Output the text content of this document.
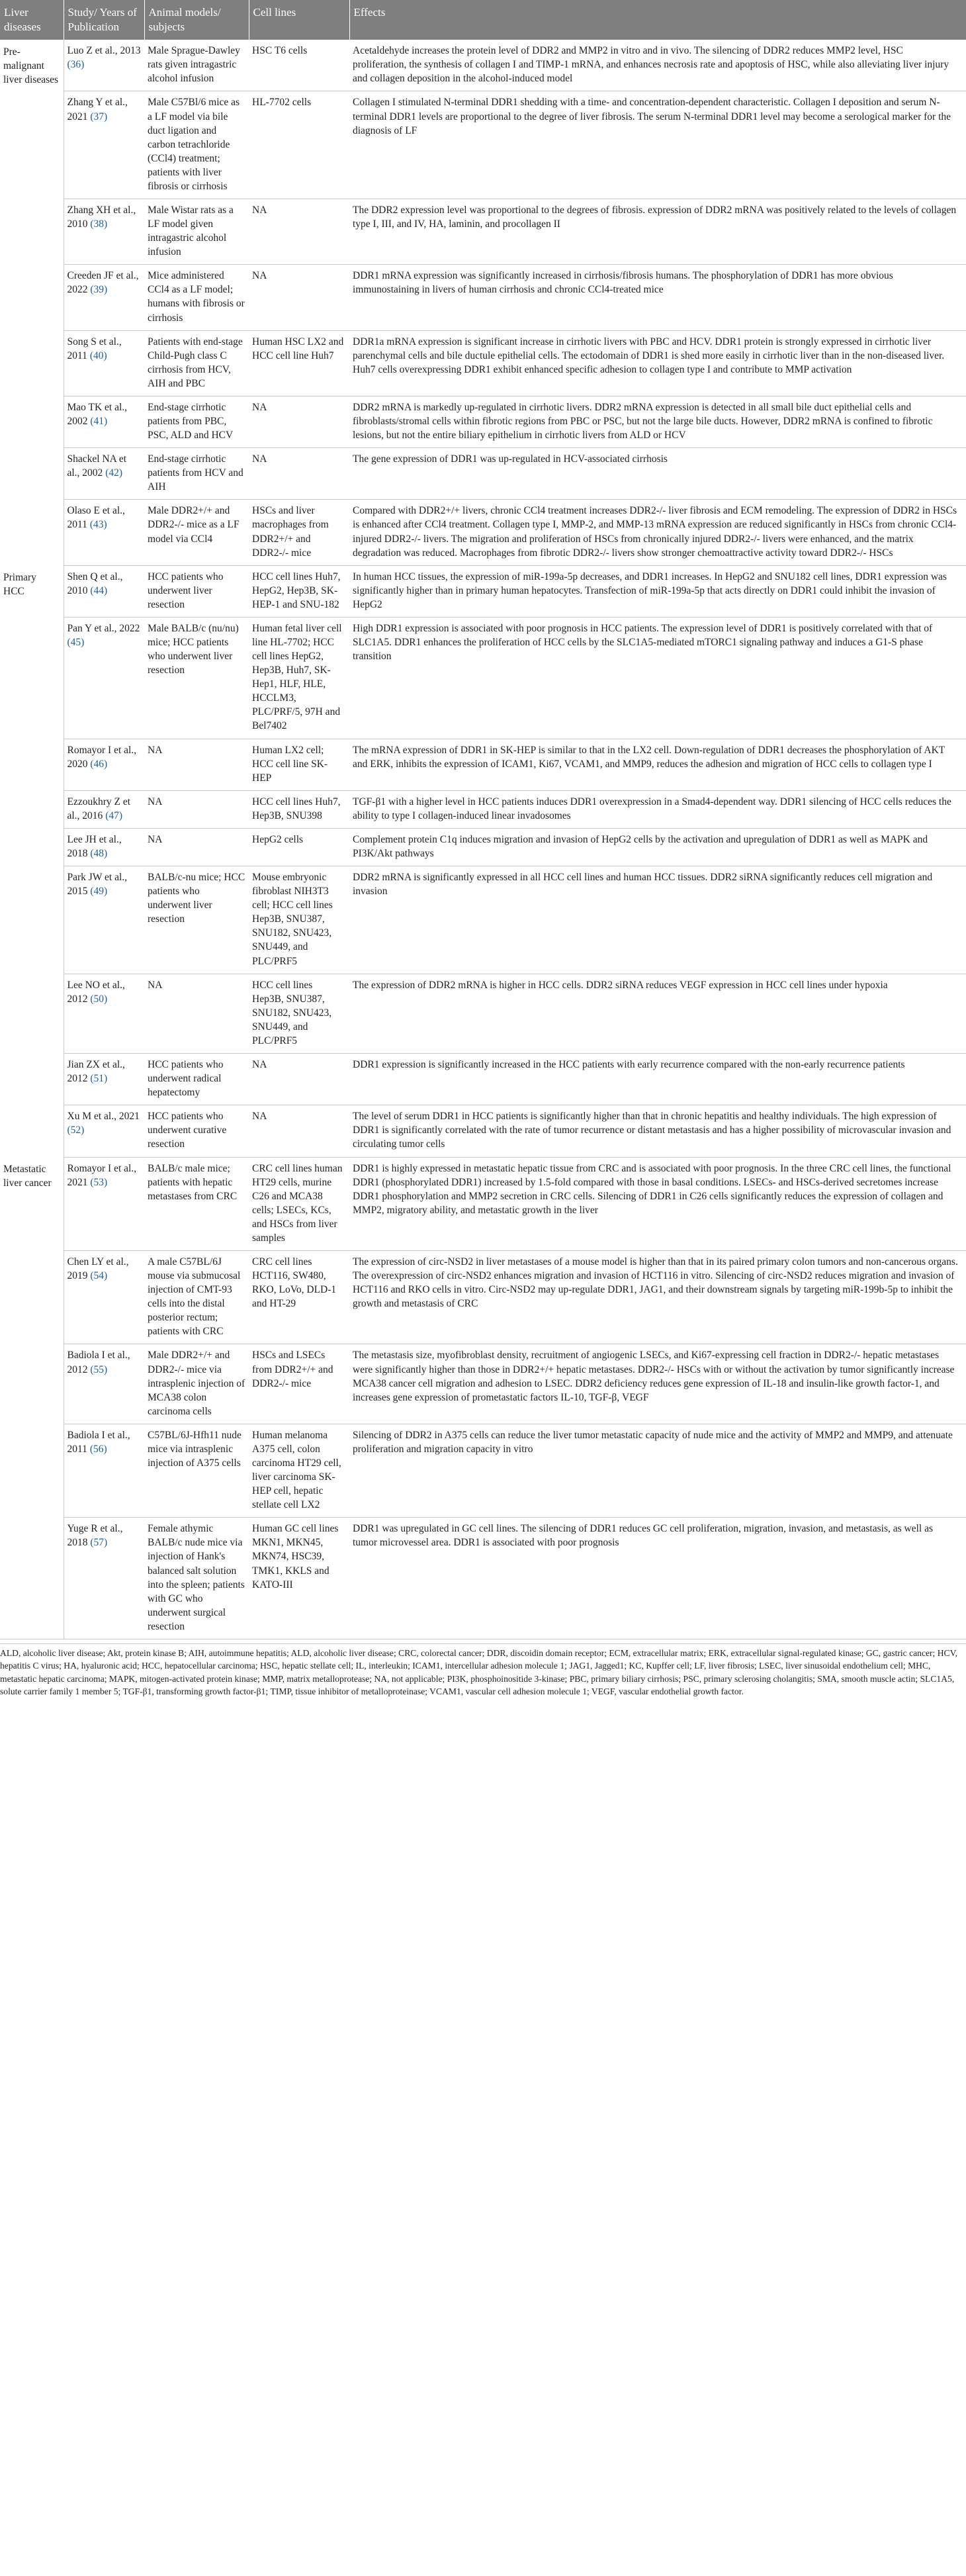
Liver diseases	Study/ Years of Publication	Animal models/ subjects	Cell lines	Effects
Pre-malignant liver diseases	Luo Z et al., 2013 (36)	Male Sprague-Dawley rats given intragastric alcohol infusion	HSC T6 cells	Acetaldehyde increases the protein level of DDR2 and MMP2 in vitro and in vivo. The silencing of DDR2 reduces MMP2 level, HSC proliferation, the synthesis of collagen I and TIMP-1 mRNA, and enhances necrosis rate and apoptosis of HSC, while also alleviating liver injury and collagen deposition in the alcohol-induced model
	Zhang Y et al., 2021 (37)	Male C57Bl/6 mice as a LF model via bile duct ligation and carbon tetrachloride (CCl4) treatment; patients with liver fibrosis or cirrhosis	HL-7702 cells	Collagen I stimulated N-terminal DDR1 shedding with a time- and concentration-dependent characteristic. Collagen I deposition and serum N-terminal DDR1 levels are proportional to the degree of liver fibrosis. The serum N-terminal DDR1 level may become a serological marker for the diagnosis of LF
	Zhang XH et al., 2010 (38)	Male Wistar rats as a LF model given intragastric alcohol infusion	NA	The DDR2 expression level was proportional to the degrees of fibrosis. expression of DDR2 mRNA was positively related to the levels of collagen type I, III, and IV, HA, laminin, and procollagen II
	Creeden JF et al., 2022 (39)	Mice administered CCl4 as a LF model; humans with fibrosis or cirrhosis	NA	DDR1 mRNA expression was significantly increased in cirrhosis/fibrosis humans. The phosphorylation of DDR1 has more obvious immunostaining in livers of human cirrhosis and chronic CCl4-treated mice
	Song S et al., 2011 (40)	Patients with end-stage Child-Pugh class C cirrhosis from HCV, AIH and PBC	Human HSC LX2 and HCC cell line Huh7	DDR1a mRNA expression is significant increase in cirrhotic livers with PBC and HCV. DDR1 protein is strongly expressed in cirrhotic liver parenchymal cells and bile ductule epithelial cells. The ectodomain of DDR1 is shed more easily in cirrhotic liver than in the non-diseased liver. Huh7 cells overexpressing DDR1 exhibit enhanced specific adhesion to collagen type I and contribute to MMP activation
	Mao TK et al., 2002 (41)	End-stage cirrhotic patients from PBC, PSC, ALD and HCV	NA	DDR2 mRNA is markedly up-regulated in cirrhotic livers. DDR2 mRNA expression is detected in all small bile duct epithelial cells and fibroblasts/stromal cells within fibrotic regions from PBC or PSC, but not the large bile ducts. However, DDR2 mRNA is confined to fibrotic lesions, but not the entire biliary epithelium in cirrhotic livers from ALD or HCV
	Shackel NA et al., 2002 (42)	End-stage cirrhotic patients from HCV and AIH	NA	The gene expression of DDR1 was up-regulated in HCV-associated cirrhosis
	Olaso E et al., 2011 (43)	Male DDR2+/+ and DDR2-/- mice as a LF model via CCl4	HSCs and liver macrophages from DDR2+/+ and DDR2-/- mice	Compared with DDR2+/+ livers, chronic CCl4 treatment increases DDR2-/- liver fibrosis and ECM remodeling. The expression of DDR2 in HSCs is enhanced after CCl4 treatment. Collagen type I, MMP-2, and MMP-13 mRNA expression are reduced significantly in HSCs from chronic CCl4-injured DDR2-/- livers. The migration and proliferation of HSCs from chronically injured DDR2-/- livers were enhanced, and the matrix degradation was reduced. Macrophages from fibrotic DDR2-/- livers show stronger chemoattractive activity toward DDR2-/- HSCs
Primary HCC	Shen Q et al., 2010 (44)	HCC patients who underwent liver resection	HCC cell lines Huh7, HepG2, Hep3B, SK-HEP-1 and SNU-182	In human HCC tissues, the expression of miR-199a-5p decreases, and DDR1 increases. In HepG2 and SNU182 cell lines, DDR1 expression was significantly higher than in primary human hepatocytes. Transfection of miR-199a-5p that acts directly on DDR1 could inhibit the invasion of HepG2
	Pan Y et al., 2022 (45)	Male BALB/c (nu/nu) mice; HCC patients who underwent liver resection	Human fetal liver cell line HL-7702; HCC cell lines HepG2, Hep3B, Huh7, SK-Hep1, HLF, HLE, HCCLM3, PLC/PRF/5, 97H and Bel7402	High DDR1 expression is associated with poor prognosis in HCC patients. The expression level of DDR1 is positively correlated with that of SLC1A5. DDR1 enhances the proliferation of HCC cells by the SLC1A5-mediated mTORC1 signaling pathway and induces a G1-S phase transition
	Romayor I et al., 2020 (46)	NA	Human LX2 cell; HCC cell line SK-HEP	The mRNA expression of DDR1 in SK-HEP is similar to that in the LX2 cell. Down-regulation of DDR1 decreases the phosphorylation of AKT and ERK, inhibits the expression of ICAM1, Ki67, VCAM1, and MMP9, reduces the adhesion and migration of HCC cells to collagen type I
	Ezzoukhry Z et al., 2016 (47)	NA	HCC cell lines Huh7, Hep3B, SNU398	TGF-β1 with a higher level in HCC patients induces DDR1 overexpression in a Smad4-dependent way. DDR1 silencing of HCC cells reduces the ability to type I collagen-induced linear invadosomes
	Lee JH et al., 2018 (48)	NA	HepG2 cells	Complement protein C1q induces migration and invasion of HepG2 cells by the activation and upregulation of DDR1 as well as MAPK and PI3K/Akt pathways
	Park JW et al., 2015 (49)	BALB/c-nu mice; HCC patients who underwent liver resection	Mouse embryonic fibroblast NIH3T3 cell; HCC cell lines Hep3B, SNU387, SNU182, SNU423, SNU449, and PLC/PRF5	DDR2 mRNA is significantly expressed in all HCC cell lines and human HCC tissues. DDR2 siRNA significantly reduces cell migration and invasion
	Lee NO et al., 2012 (50)	NA	HCC cell lines Hep3B, SNU387, SNU182, SNU423, SNU449, and PLC/PRF5	The expression of DDR2 mRNA is higher in HCC cells. DDR2 siRNA reduces VEGF expression in HCC cell lines under hypoxia
	Jian ZX et al., 2012 (51)	HCC patients who underwent radical hepatectomy	NA	DDR1 expression is significantly increased in the HCC patients with early recurrence compared with the non-early recurrence patients
	Xu M et al., 2021 (52)	HCC patients who underwent curative resection	NA	The level of serum DDR1 in HCC patients is significantly higher than that in chronic hepatitis and healthy individuals. The high expression of DDR1 is significantly correlated with the rate of tumor recurrence or distant metastasis and has a higher possibility of microvascular invasion and circulating tumor cells
Metastatic liver cancer	Romayor I et al., 2021 (53)	BALB/c male mice; patients with hepatic metastases from CRC	CRC cell lines human HT29 cells, murine C26 and MCA38 cells; LSECs, KCs, and HSCs from liver samples	DDR1 is highly expressed in metastatic hepatic tissue from CRC and is associated with poor prognosis. In the three CRC cell lines, the functional DDR1 (phosphorylated DDR1) increased by 1.5-fold compared with those in basal conditions. LSECs- and HSCs-derived secretomes increase DDR1 phosphorylation and MMP2 secretion in CRC cells. Silencing of DDR1 in C26 cells significantly reduces the expression of collagen and MMP2, migratory ability, and metastatic growth in the liver
	Chen LY et al., 2019 (54)	A male C57BL/6J mouse via submucosal injection of CMT-93 cells into the distal posterior rectum; patients with CRC	CRC cell lines HCT116, SW480, RKO, LoVo, DLD-1 and HT-29	The expression of circ-NSD2 in liver metastases of a mouse model is higher than that in its paired primary colon tumors and non-cancerous organs. The overexpression of circ-NSD2 enhances migration and invasion of HCT116 in vitro. Silencing of circ-NSD2 reduces migration and invasion of HCT116 and RKO cells in vitro. Circ-NSD2 may up-regulate DDR1, JAG1, and their downstream signals by targeting miR-199b-5p to inhibit the growth and metastasis of CRC
	Badiola I et al., 2012 (55)	Male DDR2+/+ and DDR2-/- mice via intrasplenic injection of MCA38 colon carcinoma cells	HSCs and LSECs from DDR2+/+ and DDR2-/- mice	The metastasis size, myofibroblast density, recruitment of angiogenic LSECs, and Ki67-expressing cell fraction in DDR2-/- hepatic metastases were significantly higher than those in DDR2+/+ hepatic metastases. DDR2-/- HSCs with or without the activation by tumor significantly increase MCA38 cancer cell migration and adhesion to LSEC. DDR2 deficiency reduces gene expression of IL-18 and insulin-like growth factor-1, and increases gene expression of prometastatic factors IL-10, TGF-β, VEGF
	Badiola I et al., 2011 (56)	C57BL/6J-Hfh11 nude mice via intrasplenic injection of A375 cells	Human melanoma A375 cell, colon carcinoma HT29 cell, liver carcinoma SK-HEP cell, hepatic stellate cell LX2	Silencing of DDR2 in A375 cells can reduce the liver tumor metastatic capacity of nude mice and the activity of MMP2 and MMP9, and attenuate proliferation and migration capacity in vitro
	Yuge R et al., 2018 (57)	Female athymic BALB/c nude mice via injection of Hank's balanced salt solution into the spleen; patients with GC who underwent surgical resection	Human GC cell lines MKN1, MKN45, MKN74, HSC39, TMK1, KKLS and KATO-III	DDR1 was upregulated in GC cell lines. The silencing of DDR1 reduces GC cell proliferation, migration, invasion, and metastasis, as well as tumor microvessel area. DDR1 is associated with poor prognosis
ALD, alcoholic liver disease; Akt, protein kinase B; AIH, autoimmune hepatitis; ALD, alcoholic liver disease; CRC, colorectal cancer; DDR, discoidin domain receptor; ECM, extracellular matrix; ERK, extracellular signal-regulated kinase; GC, gastric cancer; HCV, hepatitis C virus; HA, hyaluronic acid; HCC, hepatocellular carcinoma; HSC, hepatic stellate cell; IL, interleukin; ICAM1, intercellular adhesion molecule 1; JAG1, Jagged1; KC, Kupffer cell; LF, liver fibrosis; LSEC, liver sinusoidal endothelium cell; MHC, metastatic hepatic carcinoma; MAPK, mitogen-activated protein kinase; MMP, matrix metalloprotease; NA, not applicable; PI3K, phosphoinositide 3-kinase; PBC, primary biliary cirrhosis; PSC, primary sclerosing cholangitis; SMA, smooth muscle actin; SLC1A5, solute carrier family 1 member 5; TGF-β1, transforming growth factor-β1; TIMP, tissue inhibitor of metalloproteinase; VCAM1, vascular cell adhesion molecule 1; VEGF, vascular endothelial growth factor.
